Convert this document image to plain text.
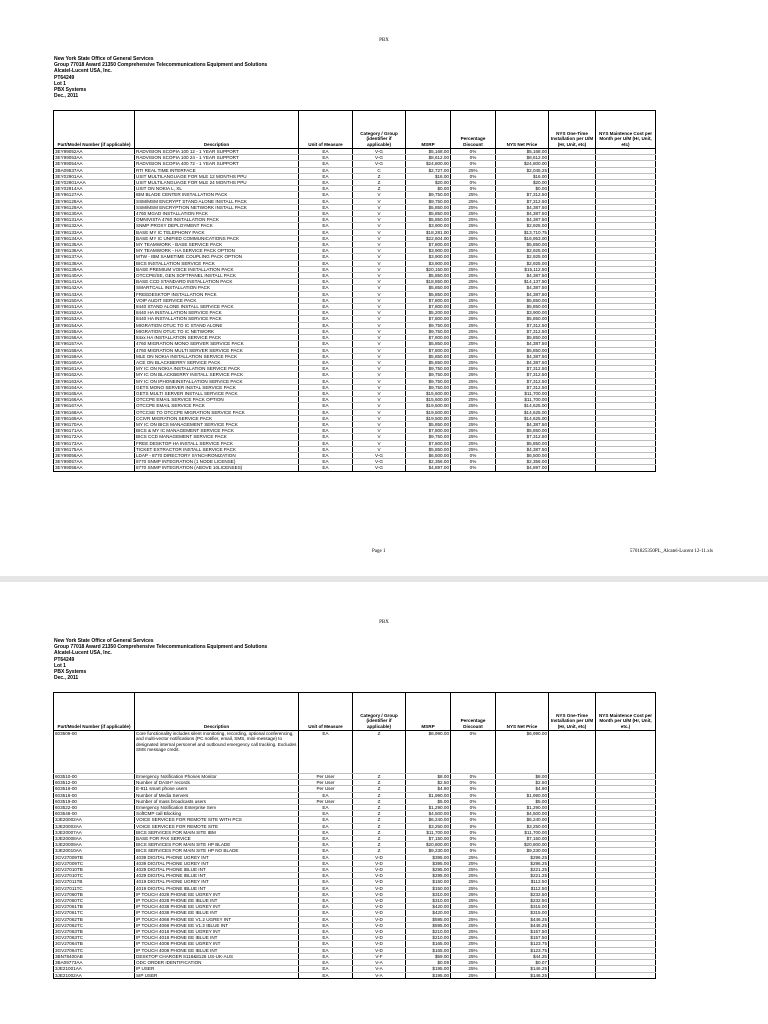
PBX
New York State Office of General Services
Group 77018 Award 21350 Comprehensive Telecommunications Equipment and Solutions
Alcatel-Lucent USA, Inc.
PT64249
Lot 1
PBX Systems
Dec., 2011
Part/Model Number (if applicable)	Description	Unit of Measure	Category / Group (identifier if applicable)	MSRP	Percentage Discount	NYS Net Price	NYS One-Time Installation per U/M (Hr, Unit, etc)	NYS Maintence Cost per Month per U/M (Hr, Unit, etc)
3EY99052AA	RADVISION SCOPIA 100 12 - 1 YEAR SUPPORT	EA	V-G	$5,168.00	0%	$5,168.00		
3EY99053AA	RADVISION SCOPIA 100 24 - 1 YEAR SUPPORT	EA	V-G	$8,612.00	0%	$8,612.00		
3EY99054AA	RADVISION SCOPIA 400 72 - 1 YEAR SUPPORT	EA	V-G	$24,800.00	0%	$24,800.00		
3BA09537AA	RTI REAL TIME INTERFACE	EA	C	$2,727.00	25%	$2,045.25		
3EY02901AA	USIT MULTILANGUAGE FOR MLE 12 MONTHS PPU	EA	Z	$16.00	0%	$16.00		
3EY02901AAA	USIT MULTILANGUAGE FOR MLE 24 MONTHS PPU	EA	Z	$20.00	0%	$20.00		
3EY02914AA	USIT ON NOKIA L, XL	EA	Z	$0.00	0%	$0.00		
3EY96127AA	IBM BLADE CENTER INSTALLATION PACK	EA	V	$9,750.00	25%	$7,312.50		
3EY96128AA	SSM/MSM ENCRYPT STAND ALONE INSTALL PACK	EA	V	$9,750.00	25%	$7,312.50		
3EY96129AA	SSM/MSM ENCRYPTION NETWORK INSTALL PACK	EA	V	$5,850.00	25%	$4,387.50		
3EY96130AA	4760 MGAD INSTALLATION PACK	EA	V	$5,850.00	25%	$4,387.50		
3EY96131AA	OMNIVISTA 4760 INSTALLATION PACK	EA	V	$5,850.00	25%	$4,387.50		
3EY96132AA	SNMP PROXY DEPLOYMENT PACK	EA	V	$3,900.00	25%	$2,925.00		
3EY96133AA	BASE MY IC TELEPHONY PACK	EA	V	$18,281.00	25%	$13,710.75		
3EY96134AA	BASE MY IC UNIFIED COMMUNICATIONS PACK	EA	V	$22,604.00	25%	$16,953.00		
3EY96135AA	MY TEAMWORK - BASE SERVICE PACK	EA	V	$7,800.00	25%	$5,850.00		
3EY96136AA	MY TEAMWORK - HA SERVICE PACK OPTION	EA	V	$3,900.00	25%	$2,925.00		
3EY96137AA	MTW - IBM SAMETIME COUPLING PACK OPTION	EA	V	$3,900.00	25%	$2,925.00		
3EY96138AA	BICS INSTALLATION SERVICE PACK	EA	V	$3,900.00	25%	$2,925.00		
3EY96139AA	BASE PREMIUM VOICE INSTALLATION PACK	EA	V	$20,150.00	25%	$15,112.50		
3EY96140AA	OTCCPE/SE, GEN SOFTPANEL INSTALL PACK	EA	V	$5,850.00	25%	$4,387.50		
3EY96141AA	BASE CCD STANDARD INSTALLATION PACK	EA	V	$18,850.00	25%	$14,137.50		
3EY96142AA	SMARTCALL INSTALLATION PACK	EA	V	$5,850.00	25%	$4,387.50		
3EY96143AA	FREEDESKTOP INSTALLATION PACK	EA	V	$5,850.00	25%	$4,387.50		
3EY96150AA	VOIP AUDIT SERVICE PACK	EA	V	$7,800.00	25%	$5,850.00		
3EY96151AA	8440 STAND ALONE INSTALL SERVICE PACK	EA	V	$7,800.00	25%	$5,850.00		
3EY96152AA	8440 HA INSTALLATION SERVICE PACK	EA	V	$5,200.00	25%	$3,900.00		
3EY96153AA	8440 HA INSTALLATION SERVICE PACK	EA	V	$7,800.00	25%	$5,850.00		
3EY96154AA	MIGRATION OTUC TO IC STAND ALONE	EA	V	$9,750.00	25%	$7,312.50		
3EY96155AA	MIGRATION OTUC TO IC NETWORK	EA	V	$9,750.00	25%	$7,312.50		
3EY96156AA	84xx HA INSTALLATION SERVICE PACK	EA	V	$7,800.00	25%	$5,850.00		
3EY96157AA	4760 MIGRATION MONO SERVER SERVICE PACK	EA	V	$5,850.00	25%	$4,387.50		
3EY96158AA	4760 MIGRATION MULTI SERVER SERVICE PACK	EA	V	$7,800.00	25%	$5,850.00		
3EY96159AA	MLE ON NOKIA INSTALLATION SERVICE PACK	EA	V	$5,850.00	25%	$4,387.50		
3EY96160AA	ACE ON BLACKBERRY SERVICE PACK	EA	V	$5,850.00	25%	$4,387.50		
3EY96161AA	MY IC ON NOKIA INSTALLATION SERVICE PACK	EA	V	$9,750.00	25%	$7,312.50		
3EY96162AA	MY IC ON BLACKBERRY INSTALL SERVICE PACK	EA	V	$9,750.00	25%	$7,312.50		
3EY96163AA	MY IC ON IPHONEINSTALLATION SERVICE PACK	EA	V	$9,750.00	25%	$7,312.50		
3EY96164AA	GETS MONO SERVER INSTAL SERVICE PACK	EA	V	$9,750.00	25%	$7,312.50		
3EY96165AA	GETS MULTI SERVER INSTALL SERVICE PACK	EA	V	$15,600.00	25%	$11,700.00		
3EY96166AA	OTCCPE EMAIL SERVICE PACK OPTION	EA	V	$15,600.00	25%	$11,700.00		
3EY96167AA	OTCCPE EMAIL SERVICE PACK	EA	V	$19,500.00	25%	$14,625.00		
3EY96168AA	OTCCSE TO OTCCPE MIGRATION SERVICE PACK	EA	V	$19,500.00	25%	$14,625.00		
3EY96169AA	CCIVR MIGRATION SERVICE PACK	EA	V	$19,500.00	25%	$14,625.00		
3EY96170AA	MY IC ON BICS MANAGEMENT SERVICE PACK	EA	V	$5,850.00	25%	$4,387.50		
3EY96171AA	BICS & MY IC MANAGEMENT SERVICE PACK	EA	V	$7,800.00	25%	$5,850.00		
3EY96172AA	BICS CCD MANAGEMENT SERVICE PACK	EA	V	$9,750.00	25%	$7,312.50		
3EY96173AA	FREE DESKTOP HA INSTALL SERVICE PACK	EA	V	$7,800.00	25%	$5,850.00		
3EY96175AA	TICKET EXTRACTOR INSTALL SERVICE PACK	EA	V	$5,850.00	25%	$4,387.50		
3EY99056AA	LDAP - 8770 DIRECTORY SYNCHRONIZATION	EA	V-G	$6,500.00	0%	$6,500.00		
3EY99057AA	8770 SNMP INTEGRATION (1 NODE LICENSE)	EA	V-G	$2,356.00	0%	$2,356.00		
3EY99058AA	8770 SNMP INTEGRATION (ABOVE 10LICENSES)	EA	V-G	$4,897.00	0%	$4,897.00		
Page 1	5701825350PL_Alcatel-Lucent 12-11.xls
PBX
New York State Office of General Services
Group 77018 Award 21350 Comprehensive Telecommunications Equipment and Solutions
Alcatel-Lucent USA, Inc.
PT64249
Lot 1
PBX Systems
Dec., 2011
Part/Model Number (if applicable)	Description	Unit of Measure	Category / Group (identifier if applicable)	MSRP	Percentage Discount	NYS Net Price	NYS One-Time Installation per U/M (Hr, Unit, etc)	NYS Maintence Cost per Month per U/M (Hr, Unit, etc.)
603509-00	Core functionality includes silent monitoring, recording, optional conferencing, and multi-vector notifications (PC notifier, email, SMS, mini-message) to designated internal personnel and outbound emergency call tracking. Excludes SMS message credit.	EA	Z	$6,990.00	0%	$6,990.00		
603510-00	Emergency Notification Phones Monitor	Per User	Z	$8.00	0%	$8.00		
603512-00	Number of DASH* records	Per User	Z	$2.50	0%	$2.50		
603516-00	E-911 smart phone users	Per User	Z	$4.90	0%	$4.90		
603518-00	Number of Media Servers	EA	Z	$1,990.00	0%	$1,990.00		
603519-00	Number of mass broadcasts users	Per User	Z	$5.00	0%	$5.00		
603522-00	Emergency Notification Enterprise Serv	EA	Z	$1,290.00	0%	$1,290.00		
603546-00	SoftCMP call Blocking	EA	Z	$4,500.00	0%	$4,500.00		
3JE20002AA	VOICE SERVICES FOR REMOTE SITE WITH PCS	EA	Z	$6,240.00	0%	$6,240.00		
3JE20003AA	VOICE SERVICES FOR REMOTE SITE	EA	Z	$3,250.00	0%	$3,250.00		
3JE20007AA	BICS SERVICES FOR MAIN SITE IBM	EA	Z	$11,700.00	0%	$11,700.00		
3JE20008AA	BASE FOR PAX SERVICE	EA	Z	$7,150.00	0%	$7,150.00		
3JE20009AA	BICS SERVICES FOR MAIN SITE HP BLADE	EA	Z	$20,800.00	0%	$20,800.00		
3JE20010AA	BICS SERVICES FOR MAIN SITE HP NO BLADE	EA	Z	$9,230.00	0%	$9,230.00		
3GV27009TB	4039 DIGITAL PHONE UGREY INT	EA	V-D	$395.00	25%	$296.25		
3GV27009TC	4039 DIGITAL PHONE UGREY INT	EA	V-D	$395.00	25%	$296.25		
3GV27010TB	4029 DIGITAL PHONE IBLUE INT	EA	V-D	$295.00	25%	$221.25		
3GV27010TC	4029 DIGITAL PHONE IBLUE INT	EA	V-D	$295.00	25%	$221.25		
3GV27011TB	4019 DIGITAL PHONE UGREY INT	EA	V-D	$150.00	25%	$112.50		
3GV27011TC	4019 DIGITAL PHONE IBLUE INT	EA	V-D	$150.00	25%	$112.50		
3GV27060TB	IP TOUCH 4028 PHONE EE UGREY INT	EA	V-D	$310.00	25%	$232.50		
3GV27060TC	IP TOUCH 4028 PHONE EE IBLUE INT	EA	V-D	$310.00	25%	$232.50		
3GV27061TB	IP TOUCH 4038 PHONE EE UGREY INT	EA	V-D	$420.00	25%	$315.00		
3GV27061TC	IP TOUCH 4038 PHONE EE IBLUE INT	EA	V-D	$420.00	25%	$315.00		
3GV27062TB	IP TOUCH 4068 PHONE EE V1.2 UGREY INT	EA	V-D	$595.00	25%	$446.25		
3GV27062TC	IP TOUCH 4068 PHONE EE V1.2 IBLUE INT	EA	V-D	$595.00	25%	$446.25		
3GV27063TB	IP TOUCH 4018 PHONE EE UGREY INT	EA	V-D	$210.00	25%	$157.50		
3GV27063TC	IP TOUCH 4018 PHONE EE IBLUE INT	EA	V-D	$210.00	25%	$157.50		
3GV27064TB	IP TOUCH 4008 PHONE EE UGREY INT	EA	V-D	$165.00	25%	$123.75		
3GV27064TC	IP TOUCH 4008 PHONE EE IBLUE INT	EA	V-D	$165.00	25%	$123.75		
3BN78400AB	DESKTOP CHARGER 8118&8128 US-UK-AUS	EA	V-F	$59.00	25%	$44.25		
3BA09773AA	ODC ORDER IDENTIFICATION	EA	V-A	$0.09	25%	$0.07		
3JE21001AA	IP USER	EA	V-A	$195.00	25%	$146.25		
3JE21002AA	SIP USER	EA	V-A	$195.00	25%	$146.25		
